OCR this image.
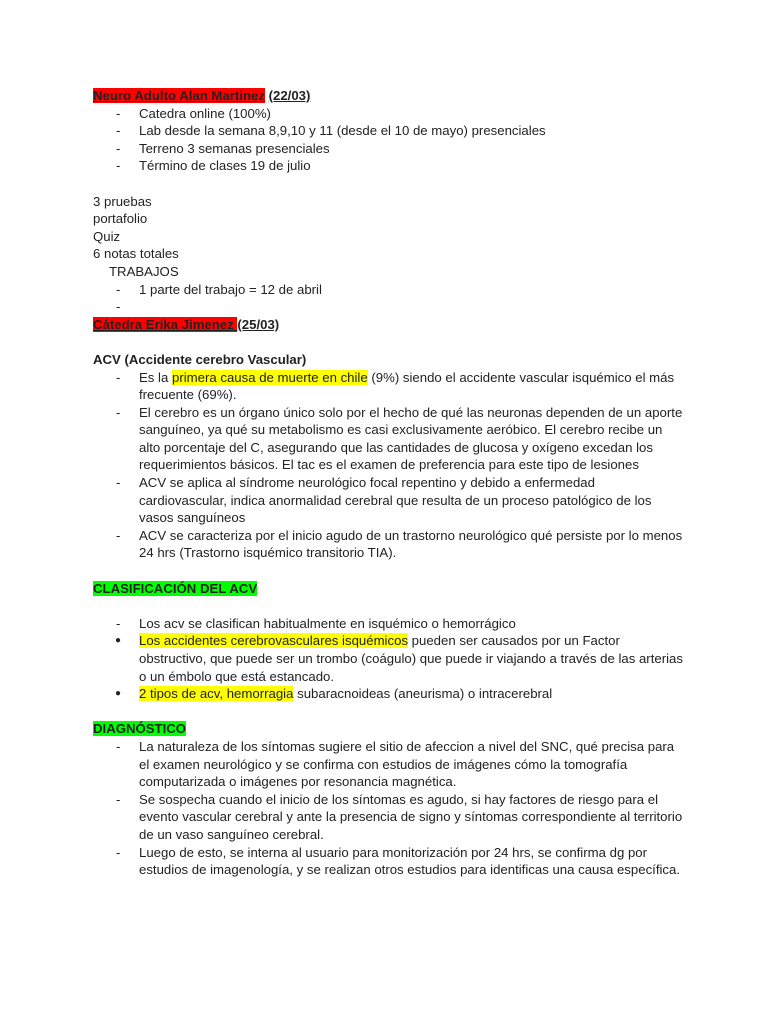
Neuro Adulto Alan Martinez (22/03)
- Catedra online (100%)
- Lab desde la semana 8,9,10 y 11 (desde el 10 de mayo) presenciales
- Terreno 3 semanas presenciales
- Término de clases 19 de julio
3 pruebas
portafolio
Quiz
6 notas totales
TRABAJOS
- 1 parte del trabajo = 12 de abril
-
Cátedra Erika Jimenez (25/03)
ACV (Accidente cerebro Vascular)
- Es la primera causa de muerte en chile (9%) siendo el accidente vascular isquémico el más frecuente (69%).
- El cerebro es un órgano único solo por el hecho de qué las neuronas dependen de un aporte sanguíneo, ya qué su metabolismo es casi exclusivamente aeróbico. El cerebro recibe un alto porcentaje del C, asegurando que las cantidades de glucosa y oxígeno excedan los requerimientos básicos. El tac es el examen de preferencia para este tipo de lesiones
- ACV se aplica al síndrome neurológico focal repentino y debido a enfermedad cardiovascular, indica anormalidad cerebral que resulta de un proceso patológico de los vasos sanguíneos
- ACV se caracteriza por el inicio agudo de un trastorno neurológico qué persiste por lo menos 24 hrs (Trastorno isquémico transitorio TIA).
CLASIFICACIÓN DEL ACV
- Los acv se clasifican habitualmente en isquémico o hemorrágico
● Los accidentes cerebrovasculares isquémicos pueden ser causados por un Factor obstructivo, que puede ser un trombo (coágulo) que puede ir viajando a través de las arterias o un émbolo que está estancado.
● 2 tipos de acv, hemorragia subaracnoideas (aneurisma) o intracerebral
DIAGNÓSTICO
- La naturaleza de los síntomas sugiere el sitio de afeccion a nivel del SNC, qué precisa para el examen neurológico y se confirma con estudios de imágenes cómo la tomografía computarizada o imágenes por resonancia magnética.
- Se sospecha cuando el inicio de los síntomas es agudo, si hay factores de riesgo para el evento vascular cerebral y ante la presencia de signo y síntomas correspondiente al territorio de un vaso sanguíneo cerebral.
- Luego de esto, se interna al usuario para monitorización por 24 hrs, se confirma dg por estudios de imagenología, y se realizan otros estudios para identificas una causa específica.
